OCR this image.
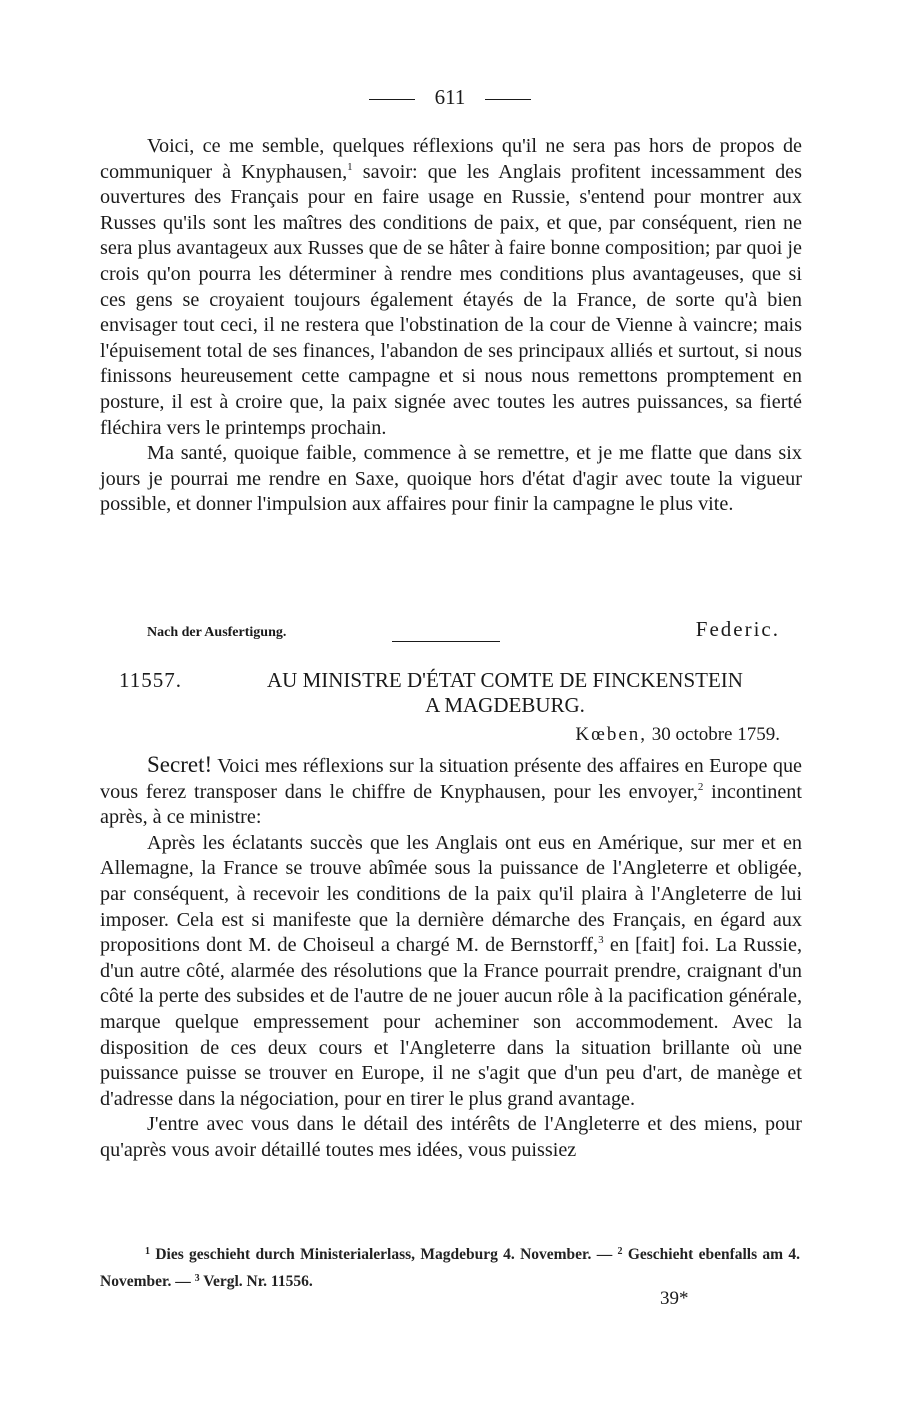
611

Voici, ce me semble, quelques réflexions qu'il ne sera pas hors de propos de communiquer à Knyphausen,$^1$ savoir: que les Anglais profitent incessamment des ouvertures des Français pour en faire usage en Russie, s'entend pour montrer aux Russes qu'ils sont les maîtres des conditions de paix, et que, par conséquent, rien ne sera plus avantageux aux Russes que de se hâter à faire bonne composition; par quoi je crois qu'on pourra les déterminer à rendre mes conditions plus avantageuses, que si ces gens se croyaient toujours également étayés de la France, de sorte qu'à bien envisager tout ceci, il ne restera que l'obstination de la cour de Vienne à vaincre; mais l'épuisement total de ses finances, l'abandon de ses principaux alliés et surtout, si nous finissons heureusement cette campagne et si nous nous remettons promptement en posture, il est à croire que, la paix signée avec toutes les autres puissances, sa fierté fléchira vers le printemps prochain.

Ma santé, quoique faible, commence à se remettre, et je me flatte que dans six jours je pourrai me rendre en Saxe, quoique hors d'état d'agir avec toute la vigueur possible, et donner l'impulsion aux affaires pour finir la campagne le plus vite.

Nach der Ausfertigung.	Federic.
11557.	AU MINISTRE D'ÉTAT COMTE DE FINCKENSTEIN
A MAGDEBURG.
Kœben, 30 octobre 1759.

Secret! Voici mes réflexions sur la situation présente des affaires en Europe que vous ferez transposer dans le chiffre de Knyphausen, pour les envoyer,$^2$ incontinent après, à ce ministre:

Après les éclatants succès que les Anglais ont eus en Amérique, sur mer et en Allemagne, la France se trouve abîmée sous la puissance de l'Angleterre et obligée, par conséquent, à recevoir les conditions de la paix qu'il plaira à l'Angleterre de lui imposer. Cela est si manifeste que la dernière démarche des Français, en égard aux propositions dont M. de Choiseul a chargé M. de Bernstorff,$^3$ en [fait] foi. La Russie, d'un autre côté, alarmée des résolutions que la France pourrait prendre, craignant d'un côté la perte des subsides et de l'autre de ne jouer aucun rôle à la pacification générale, marque quelque empressement pour acheminer son accommodement. Avec la disposition de ces deux cours et l'Angleterre dans la situation brillante où une puissance puisse se trouver en Europe, il ne s'agit que d'un peu d'art, de manège et d'adresse dans la négociation, pour en tirer le plus grand avantage.

J'entre avec vous dans le détail des intérêts de l'Angleterre et des miens, pour qu'après vous avoir détaillé toutes mes idées, vous puissiez

$^1$ Dies geschieht durch Ministerialerlass, Magdeburg 4. November. — $^2$ Geschieht ebenfalls am 4. November. — $^3$ Vergl. Nr. 11556.

39*
